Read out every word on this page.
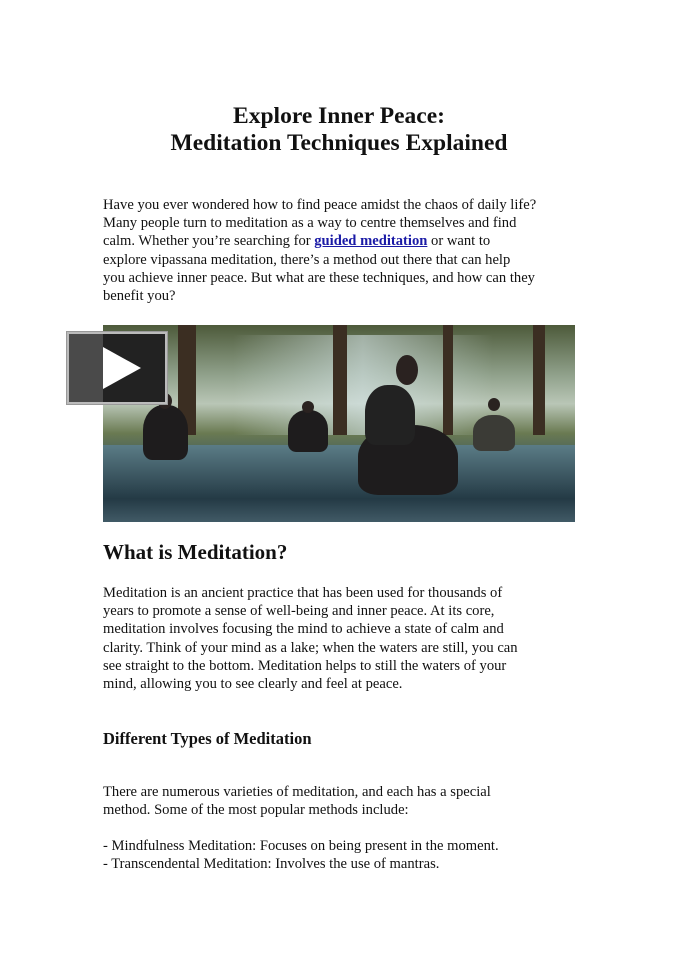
Explore Inner Peace:
Meditation Techniques Explained
Have you ever wondered how to find peace amidst the chaos of daily life?
Many people turn to meditation as a way to centre themselves and find
calm. Whether you’re searching for guided meditation or want to
explore vipassana meditation, there’s a method out there that can help
you achieve inner peace. But what are these techniques, and how can they
benefit you?
What is Meditation?
Meditation is an ancient practice that has been used for thousands of
years to promote a sense of well-being and inner peace. At its core,
meditation involves focusing the mind to achieve a state of calm and
clarity. Think of your mind as a lake; when the waters are still, you can
see straight to the bottom. Meditation helps to still the waters of your
mind, allowing you to see clearly and feel at peace.
Different Types of Meditation
There are numerous varieties of meditation, and each has a special
method. Some of the most popular methods include:
- Mindfulness Meditation: Focuses on being present in the moment.
- Transcendental Meditation: Involves the use of mantras.
